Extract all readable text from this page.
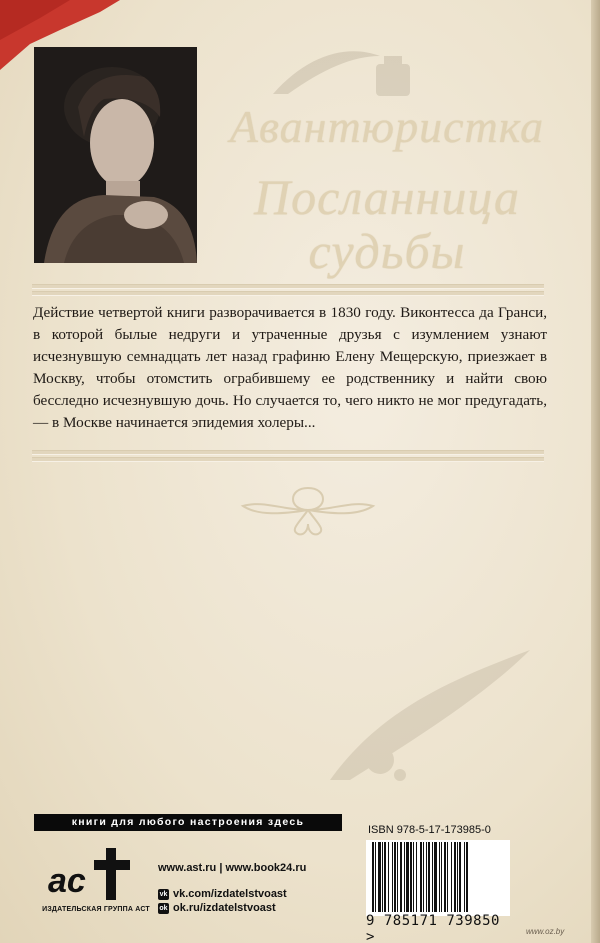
Авантюристка
Посланница
судьбы

Действие четвертой книги разворачивается в 1830 году. Виконтесса да Гранси, в которой былые недруги и утраченные друзья с изумлением узнают исчезнувшую семнадцать лет назад графиню Елену Мещерскую, приезжает в Москву, чтобы отомстить ограбившему ее родственнику и найти свою бесследно исчезнувшую дочь. Но случается то, чего никто не мог предугадать, — в Москве начинается эпидемия холеры...

книги для любого настроения здесь
ac
ИЗДАТЕЛЬСКАЯ ГРУППА АСТ
www.ast.ru | www.book24.ru
vk vk.com/izdatelstvoast
ok ok.ru/izdatelstvoast
ISBN 978-5-17-173985-0
9 785171 739850 >	www.oz.by
